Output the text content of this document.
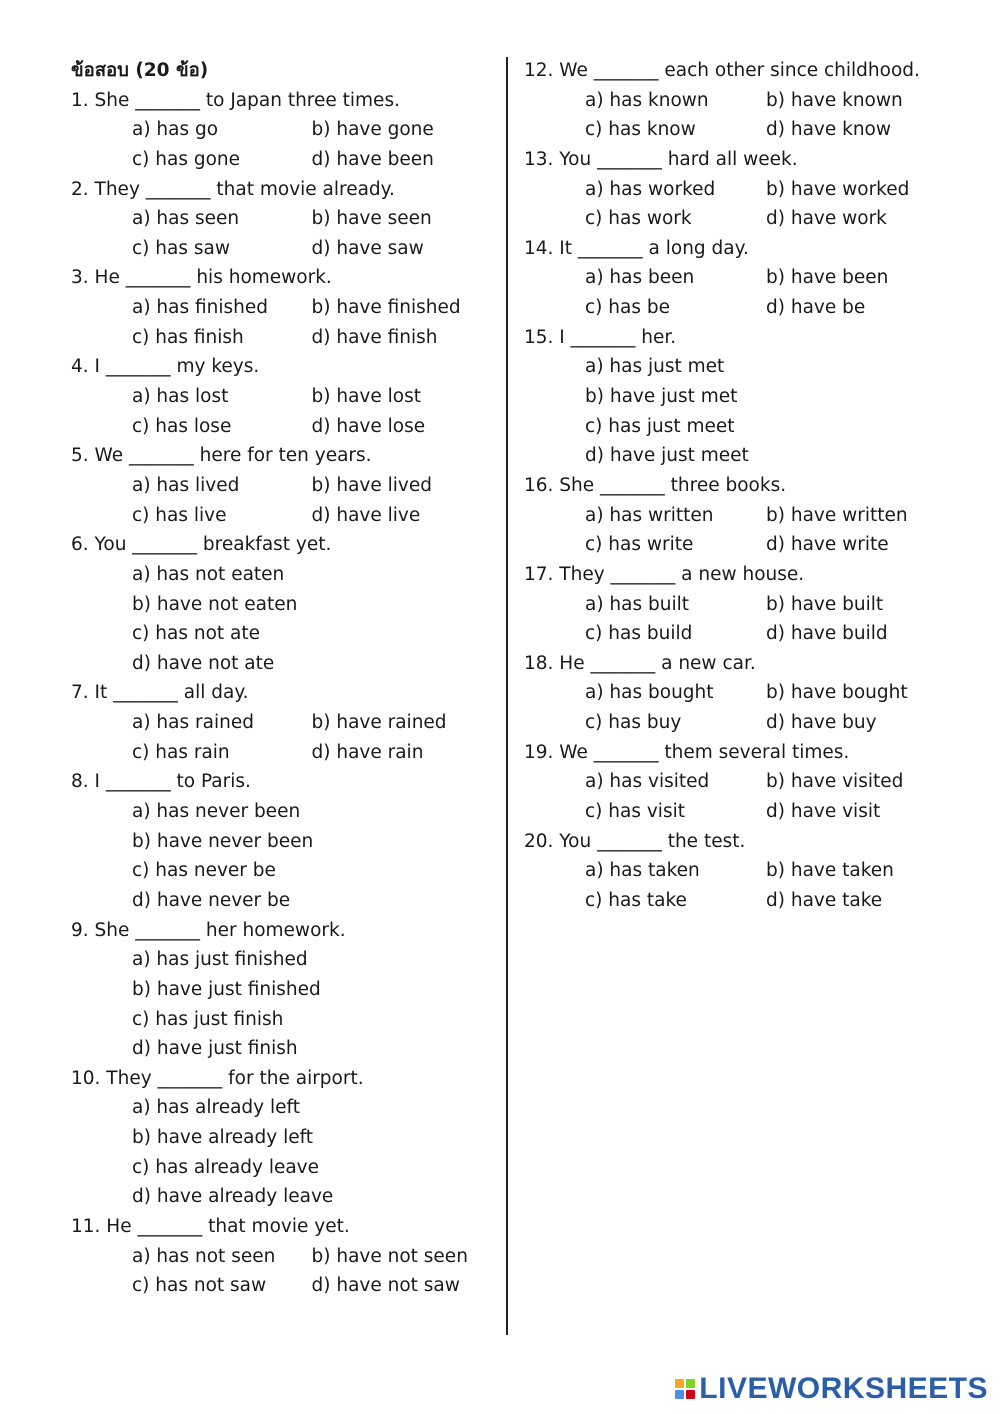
ข้อสอบ (20 ข้อ)
1. She _______ to Japan three times.
a) has go	b) have gone
c) has gone	d) have been
2. They _______ that movie already.
a) has seen	b) have seen
c) has saw	d) have saw
3. He _______ his homework.
a) has finished	b) have finished
c) has finish	d) have finish
4. I _______ my keys.
a) has lost	b) have lost
c) has lose	d) have lose
5. We _______ here for ten years.
a) has lived	b) have lived
c) has live	d) have live
6. You _______ breakfast yet.
a) has not eaten
b) have not eaten
c) has not ate
d) have not ate
7. It _______ all day.
a) has rained	b) have rained
c) has rain	d) have rain
8. I _______ to Paris.
a) has never been
b) have never been
c) has never be
d) have never be
9. She _______ her homework.
a) has just finished
b) have just finished
c) has just finish
d) have just finish
10. They _______ for the airport.
a) has already left
b) have already left
c) has already leave
d) have already leave
11. He _______ that movie yet.
a) has not seen	b) have not seen
c) has not saw	d) have not saw
12. We _______ each other since childhood.
a) has known	b) have known
c) has know	d) have know
13. You _______ hard all week.
a) has worked	b) have worked
c) has work	d) have work
14. It _______ a long day.
a) has been	b) have been
c) has be	d) have be
15. I _______ her.
a) has just met
b) have just met
c) has just meet
d) have just meet
16. She _______ three books.
a) has written	b) have written
c) has write	d) have write
17. They _______ a new house.
a) has built	b) have built
c) has build	d) have build
18. He _______ a new car.
a) has bought	b) have bought
c) has buy	d) have buy
19. We _______ them several times.
a) has visited	b) have visited
c) has visit	d) have visit
20. You _______ the test.
a) has taken	b) have taken
c) has take	d) have take
LIVEWORKSHEETS
